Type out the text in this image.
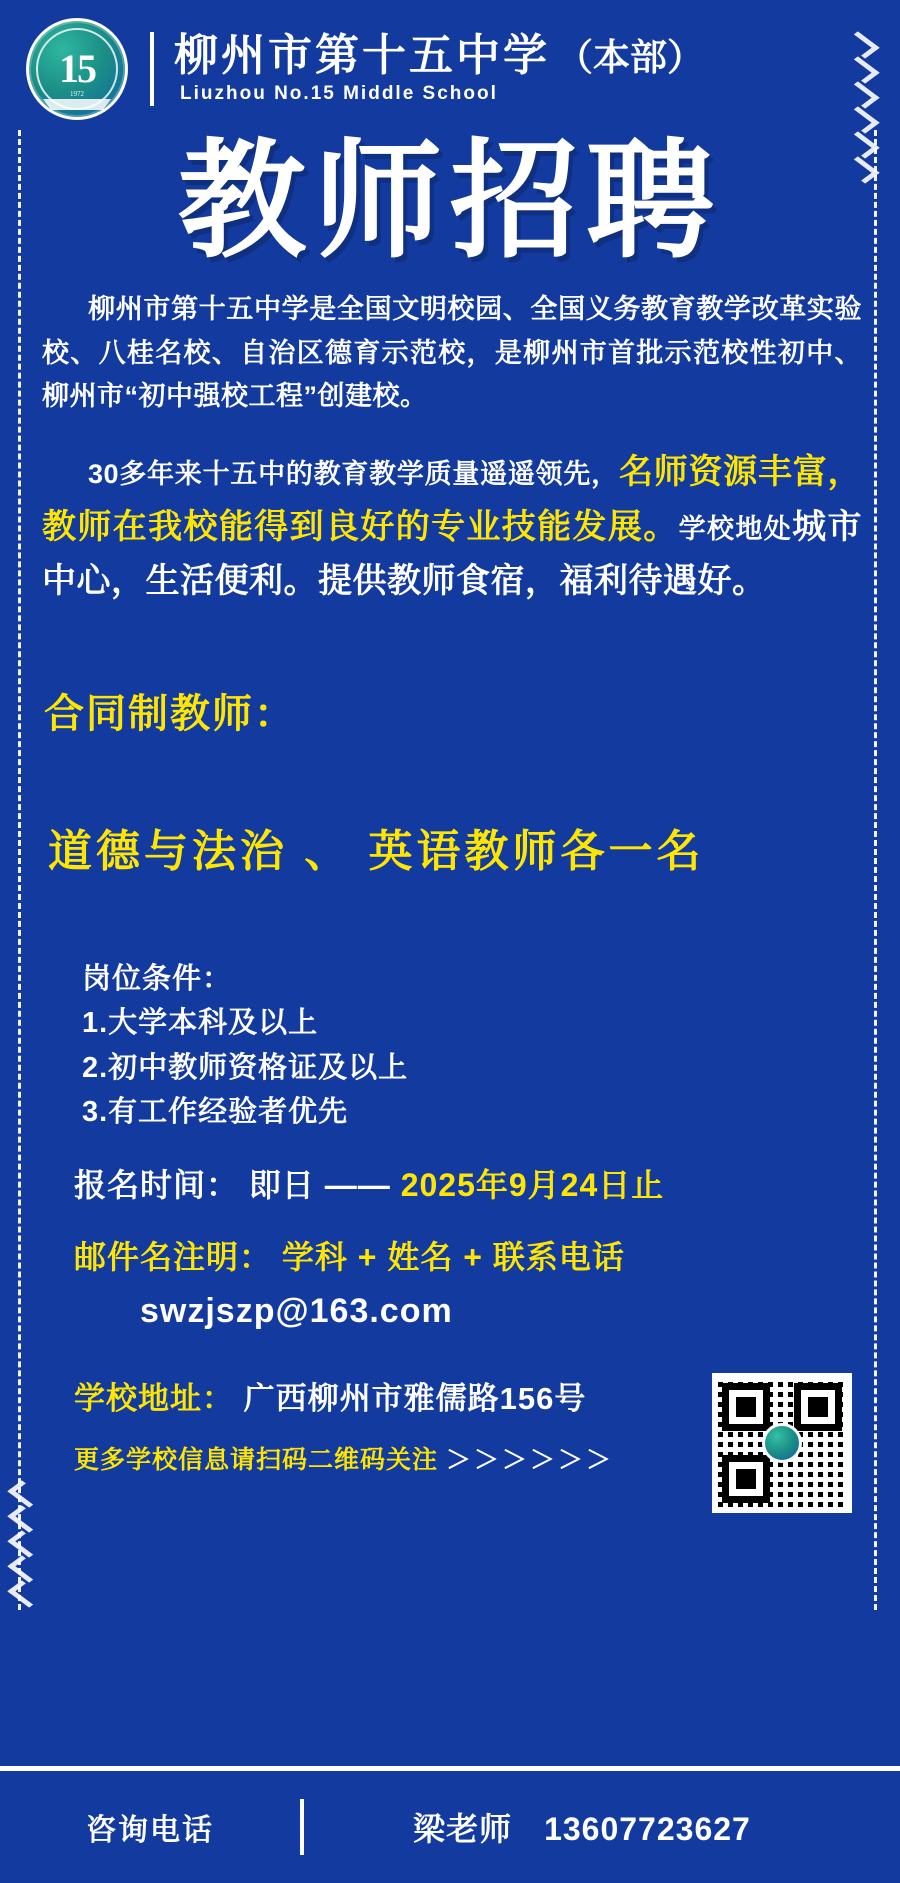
15
1972
柳州市第十五中学 （本部）
Liuzhou No.15 Middle School
教师招聘
柳州市第十五中学是全国文明校园、全国义务教育教学改革实验校、八桂名校、自治区德育示范校，是柳州市首批示范校性初中、柳州市“初中强校工程”创建校。
30多年来十五中的教育教学质量遥遥领先，名师资源丰富，教师在我校能得到良好的专业技能发展。学校地处城市中心，生活便利。提供教师食宿，福利待遇好。
合同制教师：
道德与法治 、 英语教师各一名
岗位条件：
1.大学本科及以上
2.初中教师资格证及以上
3.有工作经验者优先
报名时间： 即日 —— 2025年9月24日止
邮件名注明： 学科 + 姓名 + 联系电话
swzjszp@163.com
学校地址： 广西柳州市雅儒路156号
更多学校信息请扫码二维码关注 ＞＞＞＞＞＞
咨询电话	梁老师 13607723627
